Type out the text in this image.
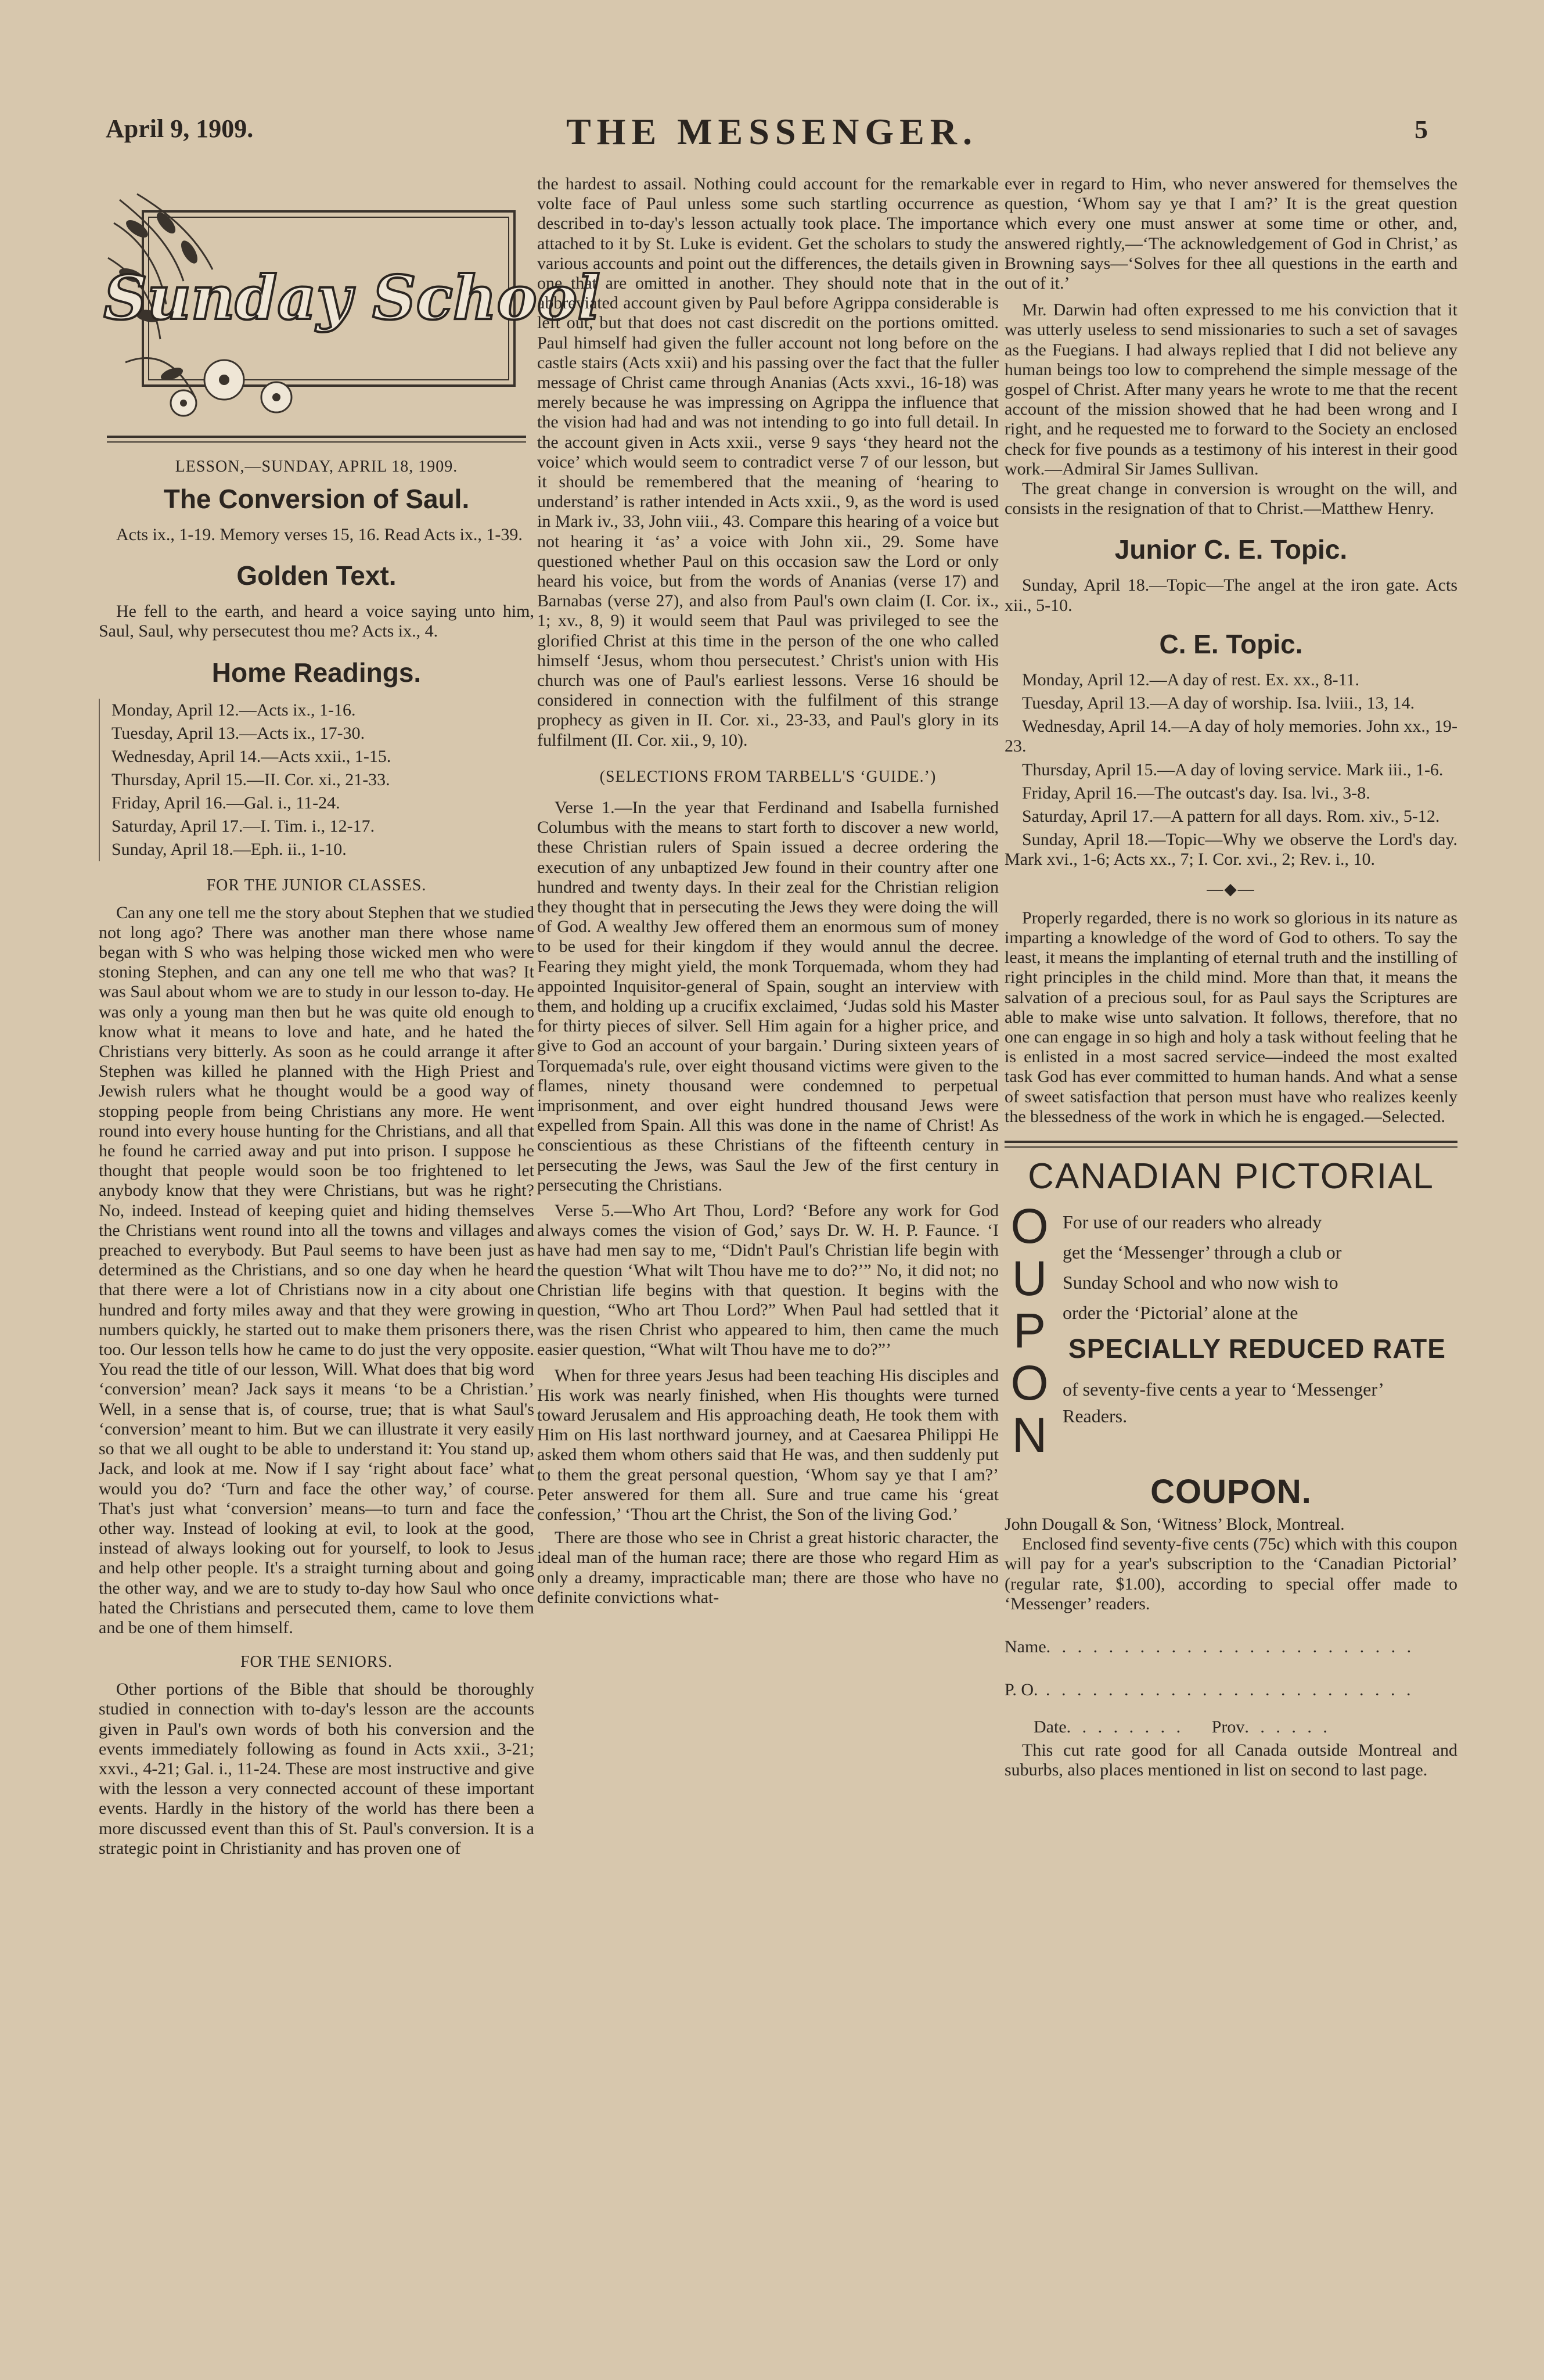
April 9, 1909.	THE MESSENGER.	5
Sunday School
LESSON,—SUNDAY, APRIL 18, 1909.
The Conversion of Saul.

Acts ix., 1-19. Memory verses 15, 16. Read Acts ix., 1-39.

Golden Text.

He fell to the earth, and heard a voice saying unto him, Saul, Saul, why persecutest thou me? Acts ix., 4.

Home Readings.
Monday, April 12.—Acts ix., 1-16.
Tuesday, April 13.—Acts ix., 17-30.
Wednesday, April 14.—Acts xxii., 1-15.
Thursday, April 15.—II. Cor. xi., 21-33.
Friday, April 16.—Gal. i., 11-24.
Saturday, April 17.—I. Tim. i., 12-17.
Sunday, April 18.—Eph. ii., 1-10.
FOR THE JUNIOR CLASSES.

Can any one tell me the story about Stephen that we studied not long ago? There was another man there whose name began with S who was helping those wicked men who were stoning Stephen, and can any one tell me who that was? It was Saul about whom we are to study in our lesson to-day. He was only a young man then but he was quite old enough to know what it means to love and hate, and he hated the Christians very bitterly. As soon as he could arrange it after Stephen was killed he planned with the High Priest and Jewish rulers what he thought would be a good way of stopping people from being Christians any more. He went round into every house hunting for the Christians, and all that he found he carried away and put into prison. I suppose he thought that people would soon be too frightened to let anybody know that they were Christians, but was he right? No, indeed. Instead of keeping quiet and hiding themselves the Christians went round into all the towns and villages and preached to everybody. But Paul seems to have been just as determined as the Christians, and so one day when he heard that there were a lot of Christians now in a city about one hundred and forty miles away and that they were growing in numbers quickly, he started out to make them prisoners there, too. Our lesson tells how he came to do just the very opposite. You read the title of our lesson, Will. What does that big word ‘conversion’ mean? Jack says it means ‘to be a Christian.’ Well, in a sense that is, of course, true; that is what Saul's ‘conversion’ meant to him. But we can illustrate it very easily so that we all ought to be able to understand it: You stand up, Jack, and look at me. Now if I say ‘right about face’ what would you do? ‘Turn and face the other way,’ of course. That's just what ‘conversion’ means—to turn and face the other way. Instead of looking at evil, to look at the good, instead of always looking out for yourself, to look to Jesus and help other people. It's a straight turning about and going the other way, and we are to study to-day how Saul who once hated the Christians and persecuted them, came to love them and be one of them himself.

FOR THE SENIORS.

Other portions of the Bible that should be thoroughly studied in connection with to-day's lesson are the accounts given in Paul's own words of both his conversion and the events immediately following as found in Acts xxii., 3-21; xxvi., 4-21; Gal. i., 11-24. These are most instructive and give with the lesson a very connected account of these important events. Hardly in the history of the world has there been a more discussed event than this of St. Paul's conversion. It is a strategic point in Christianity and has proven one of

the hardest to assail. Nothing could account for the remarkable volte face of Paul unless some such startling occurrence as described in to-day's lesson actually took place. The importance attached to it by St. Luke is evident. Get the scholars to study the various accounts and point out the differences, the details given in one that are omitted in another. They should note that in the abbreviated account given by Paul before Agrippa considerable is left out, but that does not cast discredit on the portions omitted. Paul himself had given the fuller account not long before on the castle stairs (Acts xxii) and his passing over the fact that the fuller message of Christ came through Ananias (Acts xxvi., 16-18) was merely because he was impressing on Agrippa the influence that the vision had had and was not intending to go into full detail. In the account given in Acts xxii., verse 9 says ‘they heard not the voice’ which would seem to contradict verse 7 of our lesson, but it should be remembered that the meaning of ‘hearing to understand’ is rather intended in Acts xxii., 9, as the word is used in Mark iv., 33, John viii., 43. Compare this hearing of a voice but not hearing it ‘as’ a voice with John xii., 29. Some have questioned whether Paul on this occasion saw the Lord or only heard his voice, but from the words of Ananias (verse 17) and Barnabas (verse 27), and also from Paul's own claim (I. Cor. ix., 1; xv., 8, 9) it would seem that Paul was privileged to see the glorified Christ at this time in the person of the one who called himself ‘Jesus, whom thou persecutest.’ Christ's union with His church was one of Paul's earliest lessons. Verse 16 should be considered in connection with the fulfilment of this strange prophecy as given in II. Cor. xi., 23-33, and Paul's glory in its fulfilment (II. Cor. xii., 9, 10).

(SELECTIONS FROM TARBELL'S ‘GUIDE.’)

Verse 1.—In the year that Ferdinand and Isabella furnished Columbus with the means to start forth to discover a new world, these Christian rulers of Spain issued a decree ordering the execution of any unbaptized Jew found in their country after one hundred and twenty days. In their zeal for the Christian religion they thought that in persecuting the Jews they were doing the will of God. A wealthy Jew offered them an enormous sum of money to be used for their kingdom if they would annul the decree. Fearing they might yield, the monk Torquemada, whom they had appointed Inquisitor-general of Spain, sought an interview with them, and holding up a crucifix exclaimed, ‘Judas sold his Master for thirty pieces of silver. Sell Him again for a higher price, and give to God an account of your bargain.’ During sixteen years of Torquemada's rule, over eight thousand victims were given to the flames, ninety thousand were condemned to perpetual imprisonment, and over eight hundred thousand Jews were expelled from Spain. All this was done in the name of Christ! As conscientious as these Christians of the fifteenth century in persecuting the Jews, was Saul the Jew of the first century in persecuting the Christians.

Verse 5.—Who Art Thou, Lord? ‘Before any work for God always comes the vision of God,’ says Dr. W. H. P. Faunce. ‘I have had men say to me, “Didn't Paul's Christian life begin with the question ‘What wilt Thou have me to do?’” No, it did not; no Christian life begins with that question. It begins with the question, “Who art Thou Lord?” When Paul had settled that it was the risen Christ who appeared to him, then came the much easier question, “What wilt Thou have me to do?”’

When for three years Jesus had been teaching His disciples and His work was nearly finished, when His thoughts were turned toward Jerusalem and His approaching death, He took them with Him on His last northward journey, and at Caesarea Philippi He asked them whom others said that He was, and then suddenly put to them the great personal question, ‘Whom say ye that I am?’ Peter answered for them all. Sure and true came his ‘great confession,’ ‘Thou art the Christ, the Son of the living God.’

There are those who see in Christ a great historic character, the ideal man of the human race; there are those who regard Him as only a dreamy, impracticable man; there are those who have no definite convictions what-

ever in regard to Him, who never answered for themselves the question, ‘Whom say ye that I am?’ It is the great question which every one must answer at some time or other, and, answered rightly,—‘The acknowledgement of God in Christ,’ as Browning says—‘Solves for thee all questions in the earth and out of it.’

Mr. Darwin had often expressed to me his conviction that it was utterly useless to send missionaries to such a set of savages as the Fuegians. I had always replied that I did not believe any human beings too low to comprehend the simple message of the gospel of Christ. After many years he wrote to me that the recent account of the mission showed that he had been wrong and I right, and he requested me to forward to the Society an enclosed check for five pounds as a testimony of his interest in their good work.—Admiral Sir James Sullivan.

The great change in conversion is wrought on the will, and consists in the resignation of that to Christ.—Matthew Henry.

Junior C. E. Topic.

Sunday, April 18.—Topic—The angel at the iron gate. Acts xii., 5-10.

C. E. Topic.

Monday, April 12.—A day of rest. Ex. xx., 8-11.

Tuesday, April 13.—A day of worship. Isa. lviii., 13, 14.

Wednesday, April 14.—A day of holy memories. John xx., 19-23.

Thursday, April 15.—A day of loving service. Mark iii., 1-6.

Friday, April 16.—The outcast's day. Isa. lvi., 3-8.

Saturday, April 17.—A pattern for all days. Rom. xiv., 5-12.

Sunday, April 18.—Topic—Why we observe the Lord's day. Mark xvi., 1-6; Acts xx., 7; I. Cor. xvi., 2; Rev. i., 10.

—◆—

Properly regarded, there is no work so glorious in its nature as imparting a knowledge of the word of God to others. To say the least, it means the implanting of eternal truth and the instilling of right principles in the child mind. More than that, it means the salvation of a precious soul, for as Paul says the Scriptures are able to make wise unto salvation. It follows, therefore, that no one can engage in so high and holy a task without feeling that he is enlisted in a most sacred service—indeed the most exalted task God has ever committed to human hands. And what a sense of sweet satisfaction that person must have who realizes keenly the blessedness of the work in which he is engaged.—Selected.

CANADIAN PICTORIAL
O
U
P
O
N
For use of our readers who already
get the ‘Messenger’ through a club or
Sunday School and who now wish to
order the ‘Pictorial’ alone at the
SPECIALLY REDUCED RATE
of seventy-five cents a year to ‘Messenger’ Readers.
COUPON.

John Dougall & Son, ‘Witness’ Block, Montreal.

Enclosed find seventy-five cents (75c) which with this coupon will pay for a year's subscription to the ‘Canadian Pictorial’ (regular rate, $1.00), according to special offer made to ‘Messenger’ readers.

Name. . . . . . . . . . . . . . . . . . . . . . . .
P. O. . . . . . . . . . . . . . . . . . . . . . . . .
Date. . . . . . . . Prov. . . . . .

This cut rate good for all Canada outside Montreal and suburbs, also places mentioned in list on second to last page.
